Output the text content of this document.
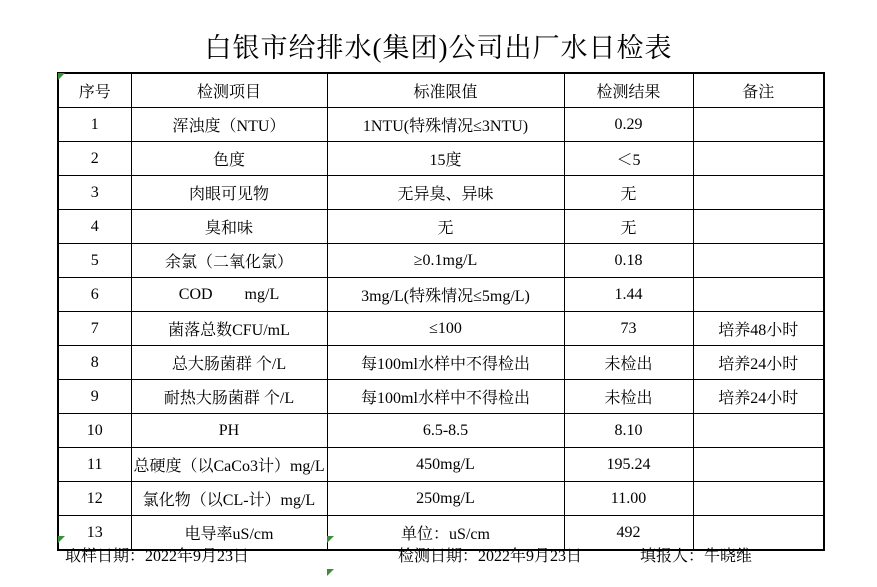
白银市给排水(集团)公司出厂水日检表
序号	检测项目	标准限值	检测结果	备注
1	浑浊度（NTU）	1NTU(特殊情况≤3NTU)	0.29	
2	色度	15度	＜5	
3	肉眼可见物	无异臭、异味	无	
4	臭和味	无	无	
5	余氯（二氧化氯）	≥0.1mg/L	0.18	
6	COD        mg/L	3mg/L(特殊情况≤5mg/L)	1.44	
7	菌落总数CFU/mL	≤100	73	培养48小时
8	总大肠菌群 个/L	每100ml水样中不得检出	未检出	培养24小时
9	耐热大肠菌群 个/L	每100ml水样中不得检出	未检出	培养24小时
10	PH	6.5-8.5	8.10	
11	总硬度（以CaCo3计）mg/L	450mg/L	195.24	
12	氯化物（以CL-计）mg/L	250mg/L	11.00	
13	电导率uS/cm	单位：uS/cm	492	
取样日期：2022年9月23日	检测日期：2022年9月23日	填报人：牛晓维
